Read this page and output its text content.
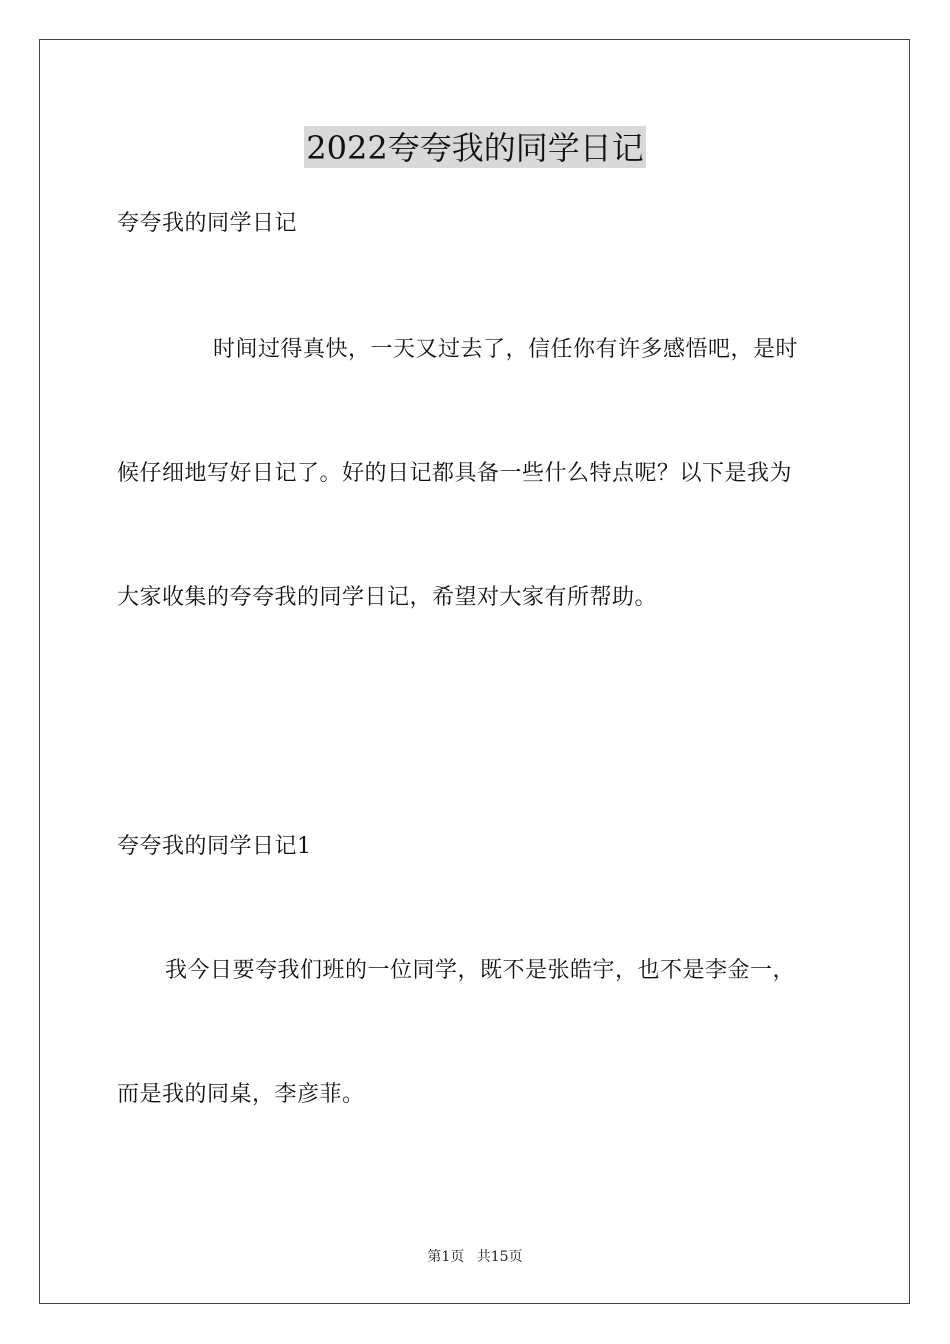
2022夸夸我的同学日记

夸夸我的同学日记

时间过得真快，一天又过去了，信任你有许多感悟吧，是时

候仔细地写好日记了。好的日记都具备一些什么特点呢？以下是我为

大家收集的夸夸我的同学日记，希望对大家有所帮助。

夸夸我的同学日记1

我今日要夸我们班的一位同学，既不是张皓宇，也不是李金一，

而是我的同桌，李彦菲。

第1页 共15页
